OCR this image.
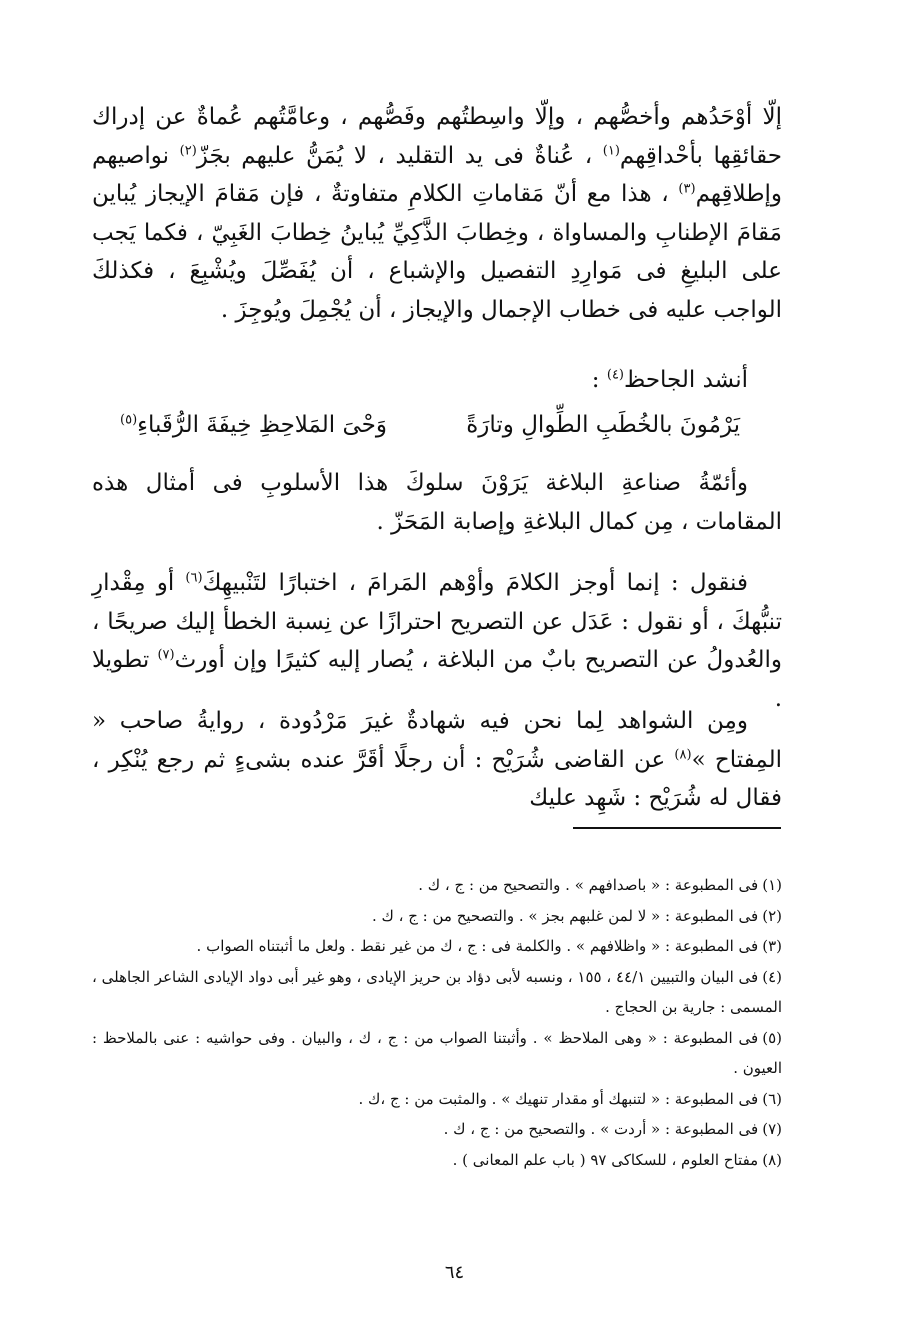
إلّا أوْحَدُهم وأخصُّهم ، وإلّا واسِطتُهم وفَصُّهم ، وعامَّتُهم عُماةٌ عن إدراك حقائقِها بأحْداقِهم$^{(١)}$ ، عُناةٌ فى يد التقليد ، لا يُمَنُّ عليهم بجَزّ$^{(٢)}$ نواصيهم وإطلاقِهم$^{(٣)}$ ، هذا مع أنّ مَقاماتِ الكلامِ متفاوتةٌ ، فإن مَقامَ الإيجاز يُباين مَقامَ الإطنابِ والمساواة ، وخِطابَ الذَّكِيِّ يُباينُ خِطابَ الغَبِيّ ، فكما يَجب على البليغِ فى مَوارِدِ التفصيل والإشباع ، أن يُفَصِّلَ ويُشْبِعَ ، فكذلكَ الواجب عليه فى خطاب الإجمال والإيجاز ، أن يُجْمِلَ ويُوجِزَ .

أنشد الجاحظ$^{(٤)}$ :

يَرْمُونَ بالخُطَبِ الطِّوالِ وتارَةً
وَحْىَ المَلاحِظِ خِيفَةَ الرُّقَباءِ$^{(٥)}$

وأئمّةُ صناعةِ البلاغة يَرَوْنَ سلوكَ هذا الأسلوبِ فى أمثال هذه المقامات ، مِن كمال البلاغةِ وإصابة المَحَزّ .

فنقول : إنما أوجز الكلامَ وأوْهم المَرامَ ، اختبارًا لتَنْبيهِكَ$^{(٦)}$ أو مِقْدارِ تنبُّهكَ ، أو نقول : عَدَل عن التصريح احترازًا عن نِسبة الخطأ إليك صريحًا ، والعُدولُ عن التصريح بابٌ من البلاغة ، يُصار إليه كثيرًا وإن أورث$^{(٧)}$ تطويلا .

ومِن الشواهد لِما نحن فيه شهادةٌ غيرَ مَرْدُودة ، روايةُ صاحب « المِفتاح »$^{(٨)}$ عن القاضى شُرَيْح : أن رجلًا أقَرَّ عنده بشىءٍ ثم رجع يُنْكِر ، فقال له شُرَيْح : شَهِد عليك

(١)فى المطبوعة : « باصدافهم » . والتصحيح من : ج ، ك .

(٢)فى المطبوعة : « لا لمن غلبهم بجز » . والتصحيح من : ج ، ك .

(٣)فى المطبوعة : « واظلافهم » . والكلمة فى : ج ، ك من غير نقط . ولعل ما أثبتناه الصواب .

(٤)فى البيان والتبيين ٤٤/١ ، ١٥٥ ، ونسبه لأبى دؤاد بن حريز الإيادى ، وهو غير أبى دواد الإيادى الشاعر الجاهلى ، المسمى : جارية بن الحجاج .

(٥)فى المطبوعة : « وهى الملاحظ » . وأثبتنا الصواب من : ج ، ك ، والبيان . وفى حواشيه : عنى بالملاحظ : العيون .

(٦)فى المطبوعة : « لتنبهك أو مقدار تنهيك » . والمثبت من : ج ،ك .

(٧)فى المطبوعة : « أردت » . والتصحيح من : ج ، ك .

(٨)مفتاح العلوم ، للسكاكى ٩٧ ( باب علم المعانى ) .

٦٤
